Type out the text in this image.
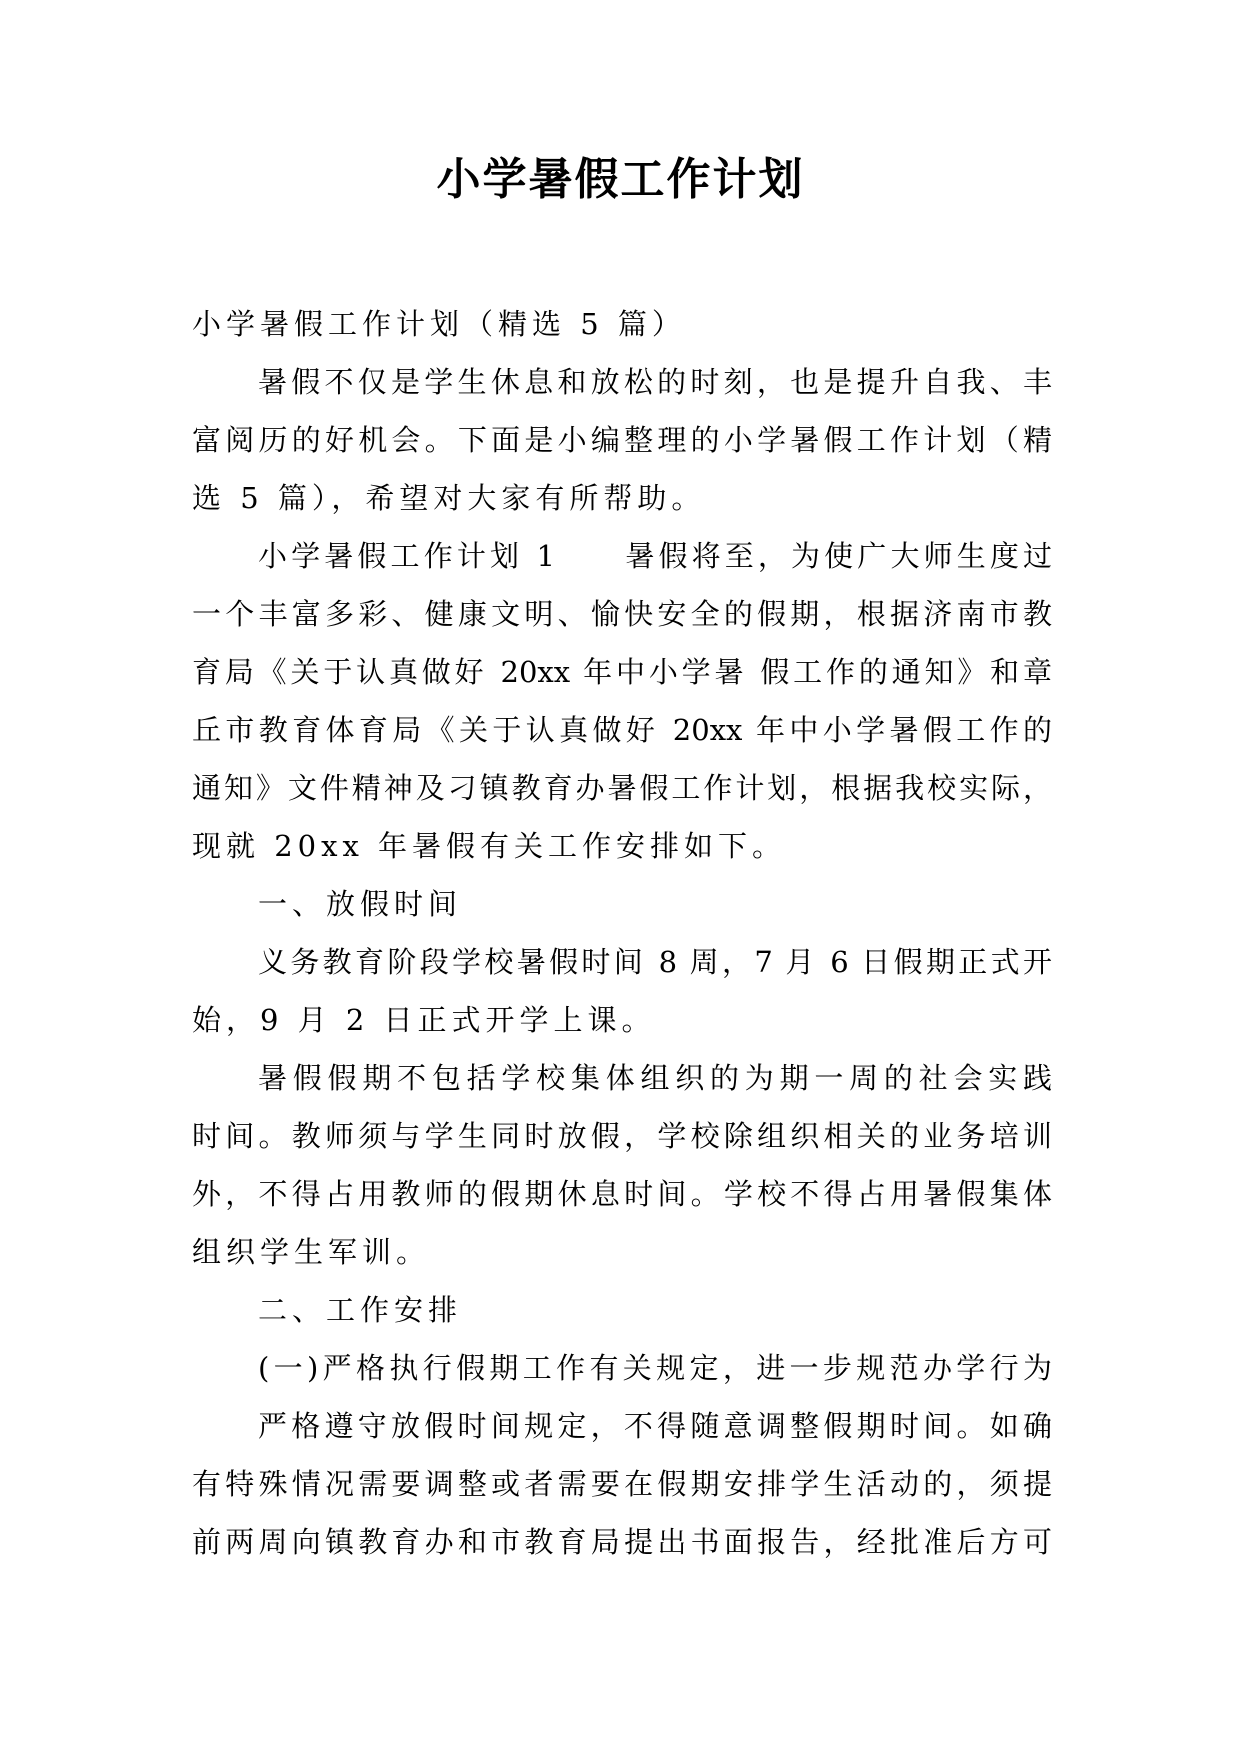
小学暑假工作计划
小学暑假工作计划（精选 5 篇）
暑假不仅是学生休息和放松的时刻，也是提升自我、丰
富阅历的好机会。下面是小编整理的小学暑假工作计划（精
选 5 篇），希望对大家有所帮助。
小学暑假工作计划 1　　暑假将至，为使广大师生度过
一个丰富多彩、健康文明、愉快安全的假期，根据济南市教
育局《关于认真做好 20xx 年中小学暑 假工作的通知》和章
丘市教育体育局《关于认真做好 20xx 年中小学暑假工作的
通知》文件精神及刁镇教育办暑假工作计划，根据我校实际，
现就 20xx 年暑假有关工作安排如下。
一、放假时间
义务教育阶段学校暑假时间 8 周，7 月 6 日假期正式开
始，9 月 2 日正式开学上课。
暑假假期不包括学校集体组织的为期一周的社会实践
时间。教师须与学生同时放假，学校除组织相关的业务培训
外，不得占用教师的假期休息时间。学校不得占用暑假集体
组织学生军训。
二、工作安排
(一)严格执行假期工作有关规定，进一步规范办学行为
严格遵守放假时间规定，不得随意调整假期时间。如确
有特殊情况需要调整或者需要在假期安排学生活动的，须提
前两周向镇教育办和市教育局提出书面报告，经批准后方可
